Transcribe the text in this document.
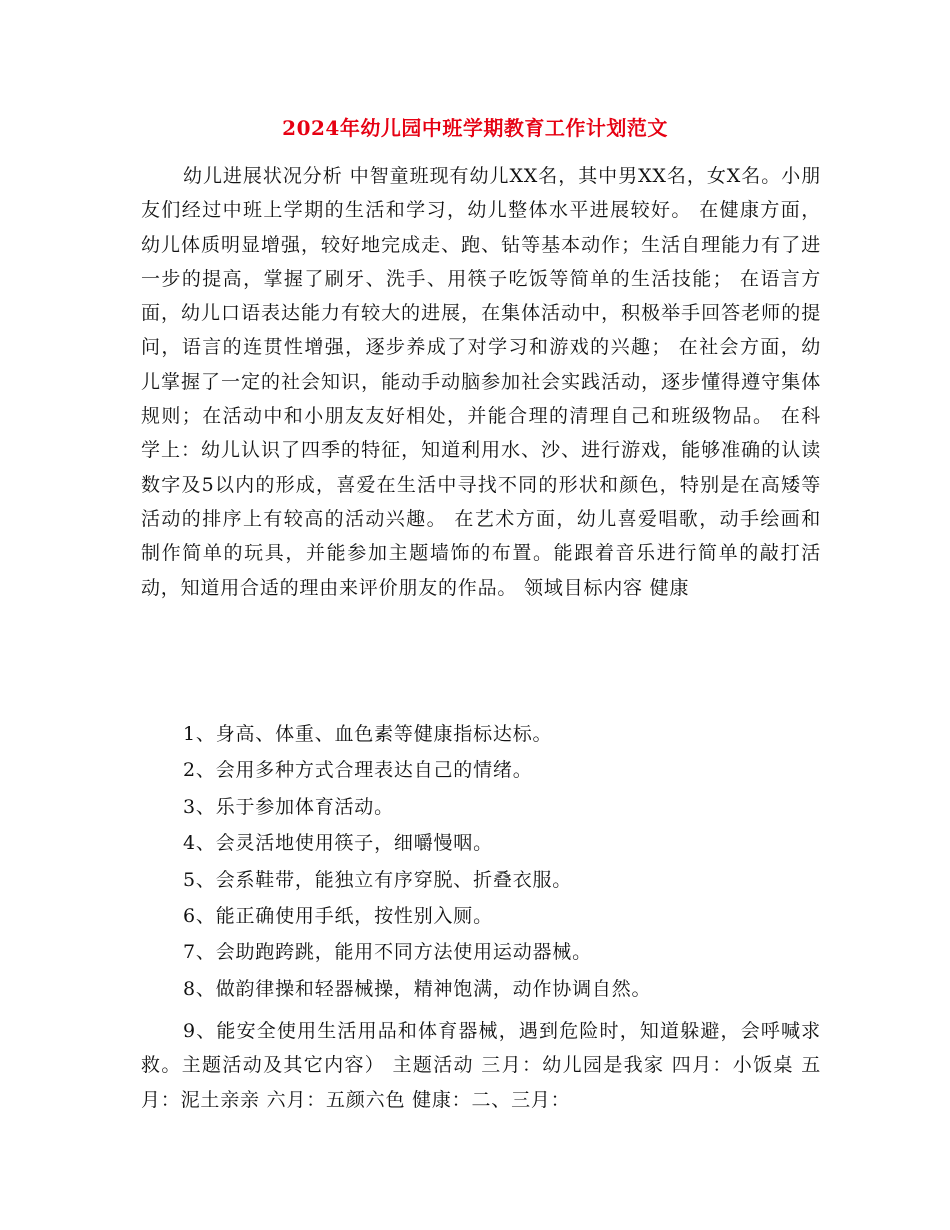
2024年幼儿园中班学期教育工作计划范文

幼儿进展状况分析 中智童班现有幼儿XX名，其中男XX名，女X名。小朋友们经过中班上学期的生活和学习，幼儿整体水平进展较好。 在健康方面，幼儿体质明显增强，较好地完成走、跑、钻等基本动作；生活自理能力有了进一步的提高，掌握了刷牙、洗手、用筷子吃饭等简单的生活技能； 在语言方面，幼儿口语表达能力有较大的进展，在集体活动中，积极举手回答老师的提问，语言的连贯性增强，逐步养成了对学习和游戏的兴趣； 在社会方面，幼儿掌握了一定的社会知识，能动手动脑参加社会实践活动，逐步懂得遵守集体规则；在活动中和小朋友友好相处，并能合理的清理自己和班级物品。 在科学上：幼儿认识了四季的特征，知道利用水、沙、进行游戏，能够准确的认读数字及5以内的形成，喜爱在生活中寻找不同的形状和颜色，特别是在高矮等活动的排序上有较高的活动兴趣。 在艺术方面，幼儿喜爱唱歌，动手绘画和制作简单的玩具，并能参加主题墙饰的布置。能跟着音乐进行简单的敲打活动，知道用合适的理由来评价朋友的作品。 领域目标内容 健康

1、身高、体重、血色素等健康指标达标。
2、会用多种方式合理表达自己的情绪。
3、乐于参加体育活动。
4、会灵活地使用筷子，细嚼慢咽。
5、会系鞋带，能独立有序穿脱、折叠衣服。
6、能正确使用手纸，按性别入厕。
7、会助跑跨跳，能用不同方法使用运动器械。
8、做韵律操和轻器械操，精神饱满，动作协调自然。

9、能安全使用生活用品和体育器械，遇到危险时，知道躲避，会呼喊求救。主题活动及其它内容） 主题活动 三月：幼儿园是我家 四月：小饭桌 五月：泥土亲亲 六月：五颜六色 健康：二、三月：
